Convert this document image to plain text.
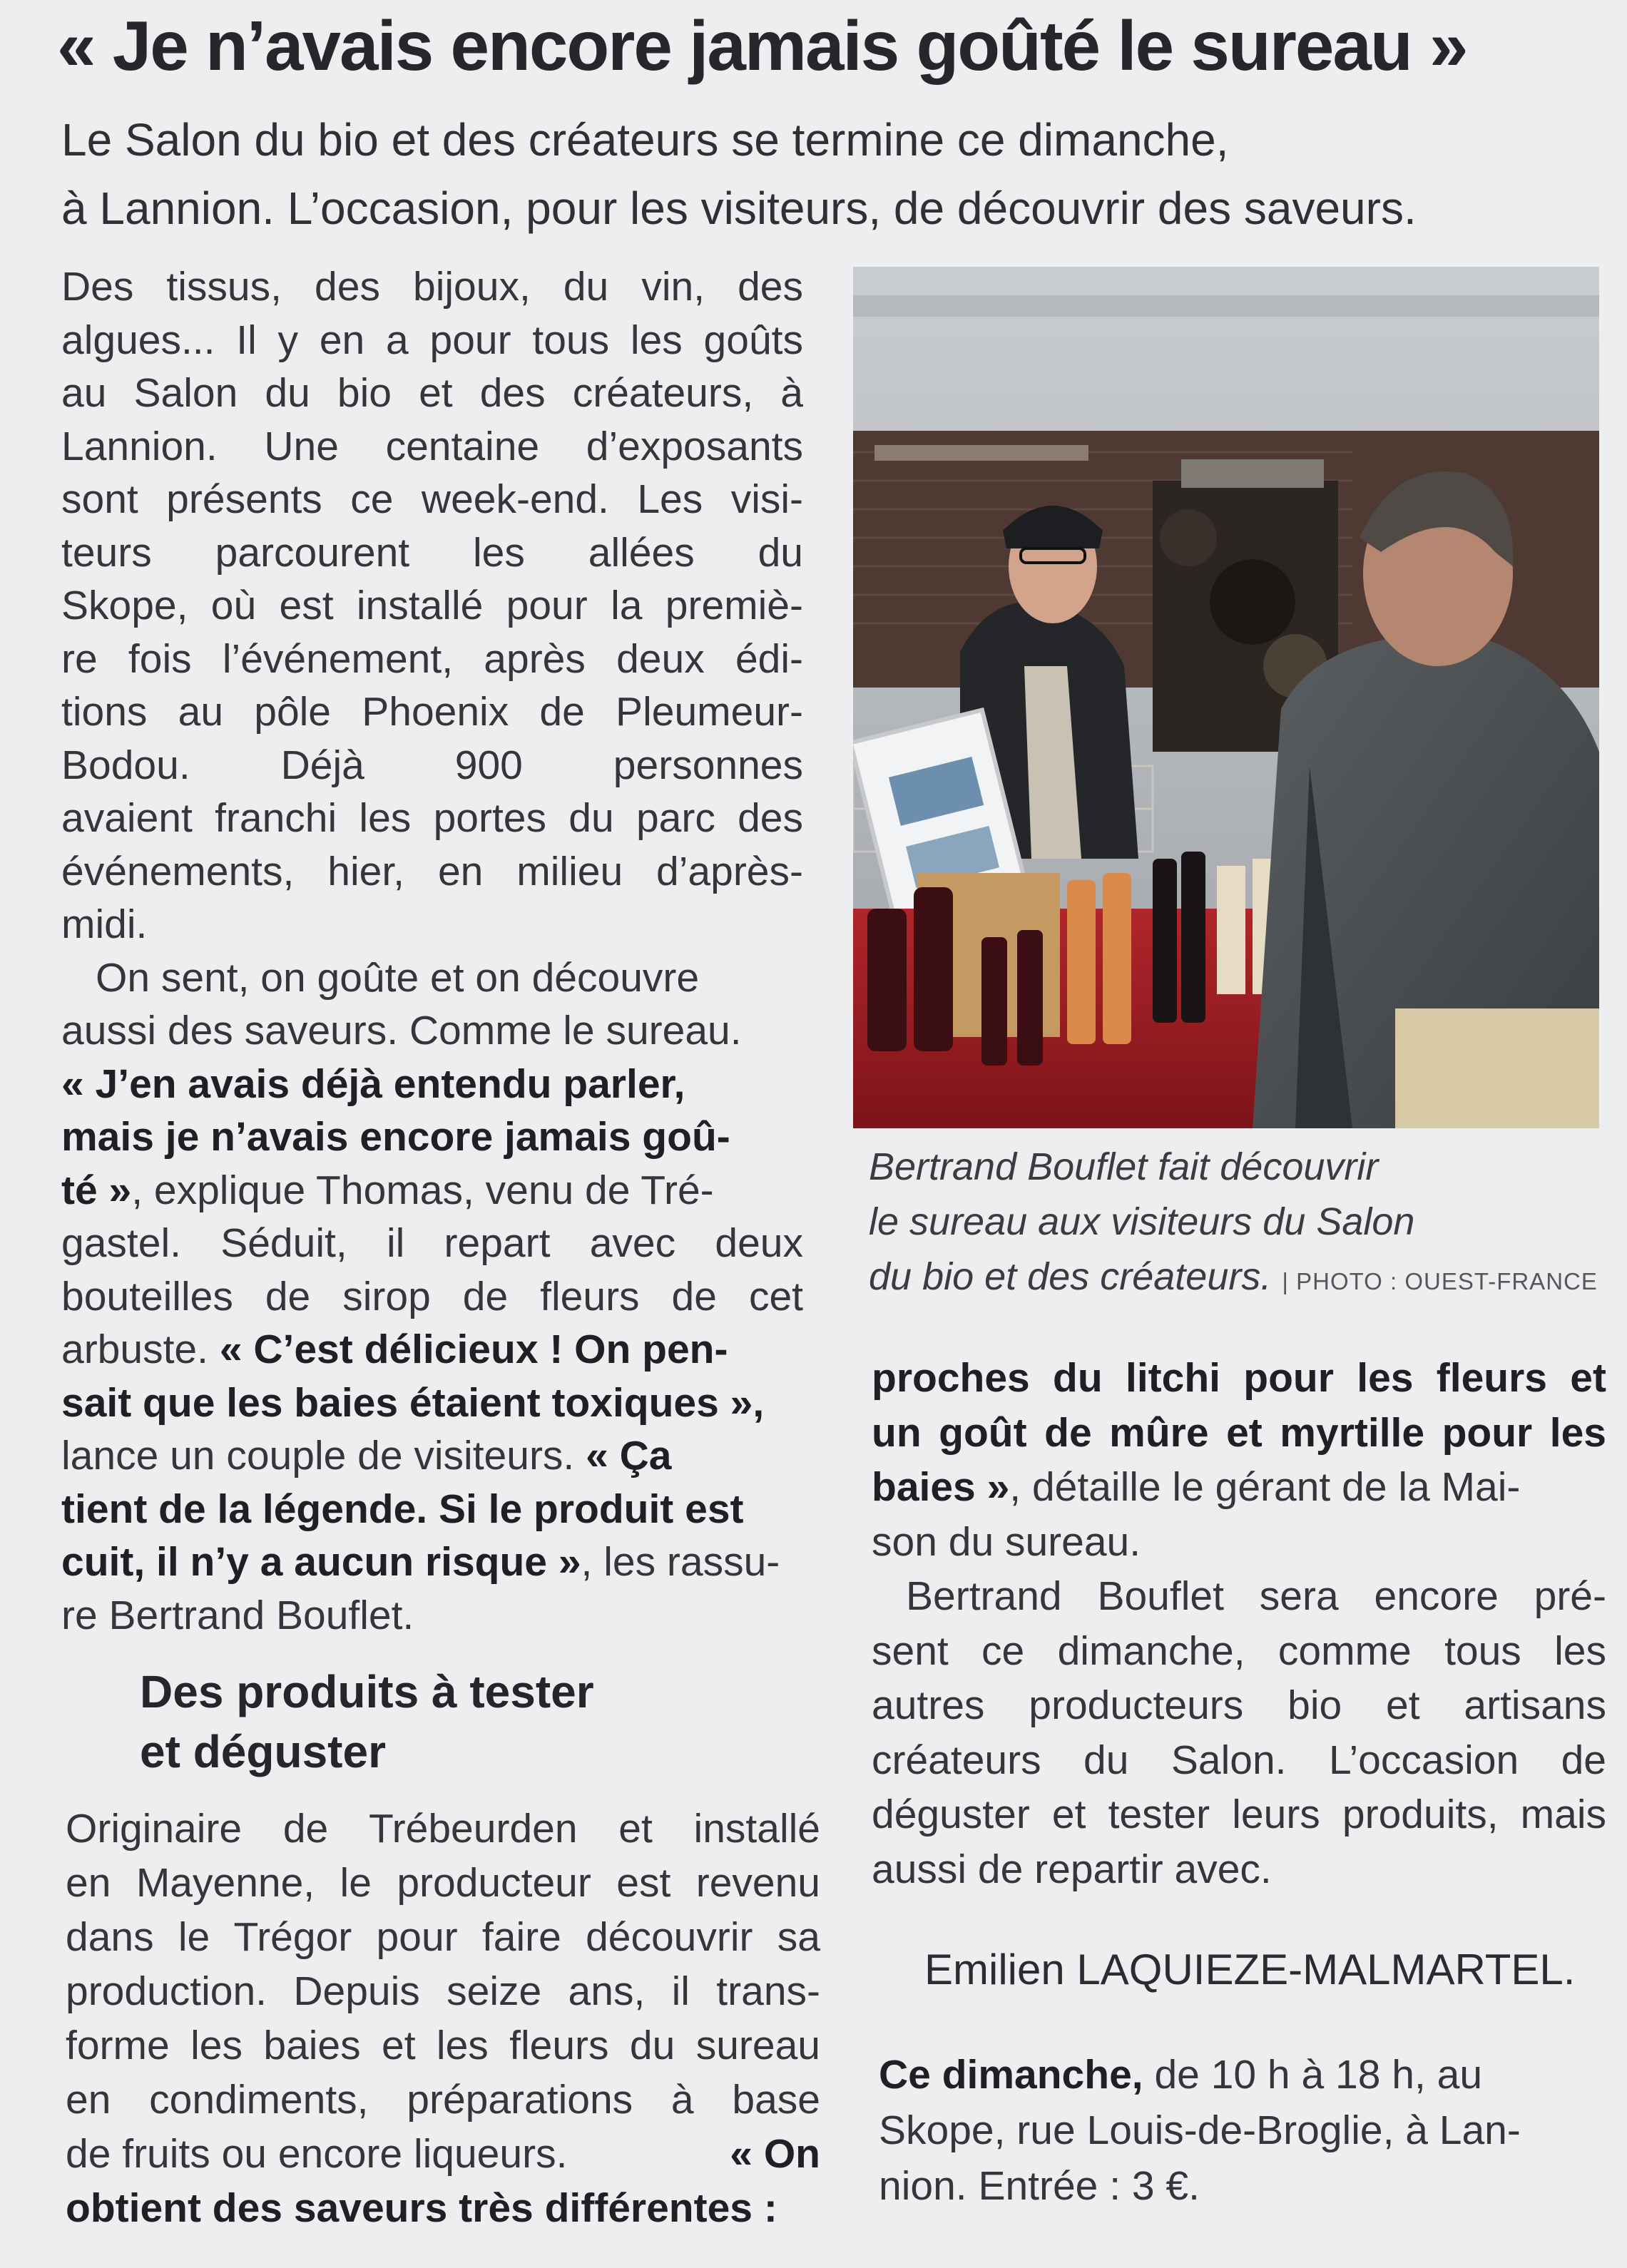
« Je n’avais encore jamais goûté le sureau »
Le Salon du bio et des créateurs se termine ce dimanche,
à Lannion. L’occasion, pour les visiteurs, de découvrir des saveurs.
Des tissus, des bijoux, du vin, des
algues... Il y en a pour tous les goûts
au Salon du bio et des créateurs, à
Lannion. Une centaine d’exposants
sont présents ce week-end. Les visi-
teurs parcourent les allées du
Skope, où est installé pour la premiè-
re fois l’événement, après deux édi-
tions au pôle Phoenix de Pleumeur-
Bodou. Déjà 900 personnes
avaient franchi les portes du parc des
événements, hier, en milieu d’après-
midi.
On sent, on goûte et on découvre
aussi des saveurs. Comme le sureau.
« J’en avais déjà entendu parler,
mais je n’avais encore jamais goû-
té », explique Thomas, venu de Tré-
gastel. Séduit, il repart avec deux
bouteilles de sirop de fleurs de cet
arbuste. « C’est délicieux ! On pen-
sait que les baies étaient toxiques »,
lance un couple de visiteurs. « Ça
tient de la légende. Si le produit est
cuit, il n’y a aucun risque », les rassu-
re Bertrand Bouflet.
Des produits à tester
et déguster
Originaire de Trébeurden et installé
en Mayenne, le producteur est revenu
dans le Trégor pour faire découvrir sa
production. Depuis seize ans, il trans-
forme les baies et les fleurs du sureau
en condiments, préparations à base
de fruits ou encore liqueurs.	« On
obtient des saveurs très différentes :
Bertrand Bouflet fait découvrir
le sureau aux visiteurs du Salon
du bio et des créateurs. | PHOTO : OUEST-FRANCE
proches du litchi pour les fleurs et
un goût de mûre et myrtille pour les
baies », détaille le gérant de la Mai-
son du sureau.
Bertrand Bouflet sera encore pré-
sent ce dimanche, comme tous les
autres producteurs bio et artisans
créateurs du Salon. L’occasion de
déguster et tester leurs produits, mais
aussi de repartir avec.
Emilien LAQUIEZE-MALMARTEL.
Ce dimanche, de 10 h à 18 h, au
Skope, rue Louis-de-Broglie, à Lan-
nion. Entrée : 3 €.
